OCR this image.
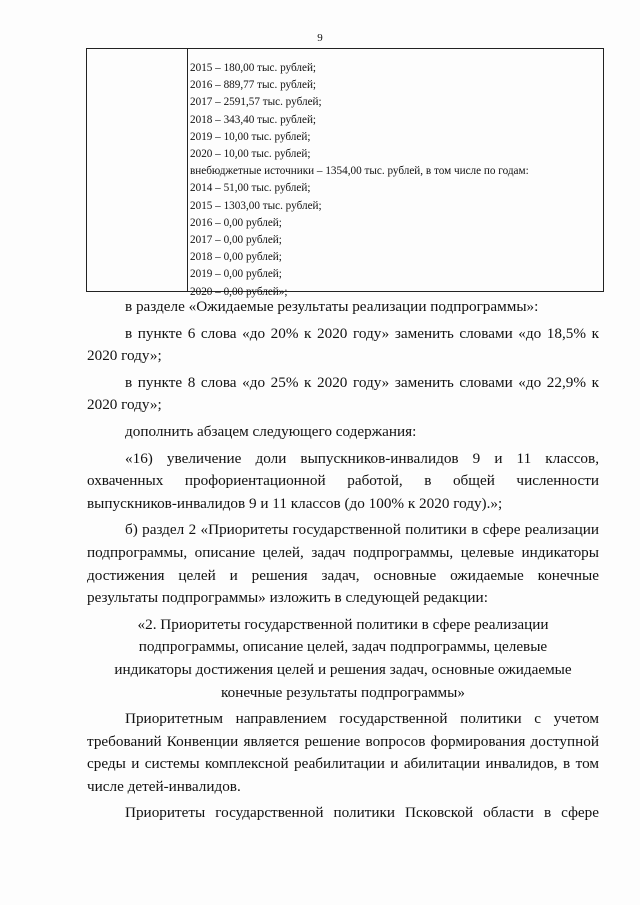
9
2015 – 180,00 тыс. рублей;
2016 – 889,77 тыс. рублей;
2017 – 2591,57 тыс. рублей;
2018 – 343,40 тыс. рублей;
2019 – 10,00 тыс. рублей;
2020 – 10,00 тыс. рублей;
внебюджетные источники – 1354,00 тыс. рублей, в том числе по годам:
2014 – 51,00 тыс. рублей;
2015 – 1303,00 тыс. рублей;
2016 – 0,00 рублей;
2017 – 0,00 рублей;
2018 – 0,00 рублей;
2019 – 0,00 рублей;
2020 – 0,00 рублей»;

в разделе «Ожидаемые результаты реализации подпрограммы»:

в пункте 6 слова «до 20% к 2020 году» заменить словами «до 18,5% к 2020 году»;

в пункте 8 слова «до 25% к 2020 году» заменить словами «до 22,9% к 2020 году»;

дополнить абзацем следующего содержания:

«16) увеличение доли выпускников-инвалидов 9 и 11 классов, охваченных профориентационной работой, в общей численности выпускников-инвалидов 9 и 11 классов (до 100% к 2020 году).»;

б) раздел 2 «Приоритеты государственной политики в сфере реализации подпрограммы, описание целей, задач подпрограммы, целевые индикаторы достижения целей и решения задач, основные ожидаемые конечные результаты подпрограммы» изложить в следующей редакции:

«2. Приоритеты государственной политики в сфере реализации
подпрограммы, описание целей, задач подпрограммы, целевые
индикаторы достижения целей и решения задач, основные ожидаемые
конечные результаты подпрограммы»

Приоритетным направлением государственной политики с учетом требований Конвенции является решение вопросов формирования доступной среды и системы комплексной реабилитации и абилитации инвалидов, в том числе детей-инвалидов.

Приоритеты государственной политики Псковской области в сфере
